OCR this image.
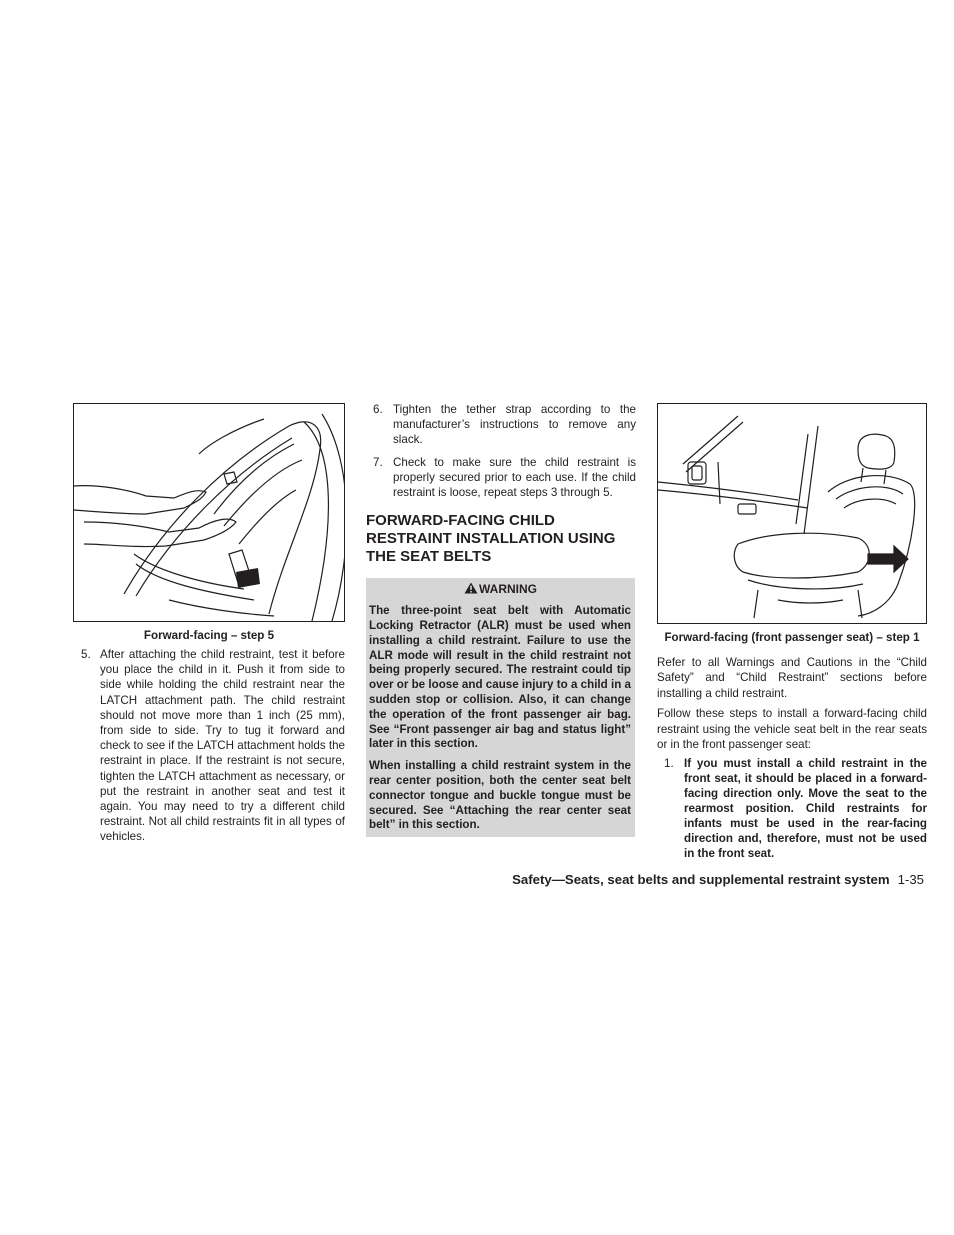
Forward-facing – step 5
5. After attaching the child restraint, test it before you place the child in it. Push it from side to side while holding the child restraint near the LATCH attachment path. The child restraint should not move more than 1 inch (25 mm), from side to side. Try to tug it forward and check to see if the LATCH attachment holds the restraint in place. If the restraint is not secure, tighten the LATCH attachment as necessary, or put the restraint in another seat and test it again. You may need to try a different child restraint. Not all child restraints fit in all types of vehicles.
6. Tighten the tether strap according to the manufacturer’s instructions to remove any slack.
7. Check to make sure the child restraint is properly secured prior to each use. If the child restraint is loose, repeat steps 3 through 5.
FORWARD-FACING CHILD RESTRAINT INSTALLATION USING THE SEAT BELTS
WARNING

The three-point seat belt with Automatic Locking Retractor (ALR) must be used when installing a child restraint. Failure to use the ALR mode will result in the child restraint not being properly secured. The restraint could tip over or be loose and cause injury to a child in a sudden stop or collision. Also, it can change the operation of the front passenger air bag. See “Front passenger air bag and status light” later in this section.

When installing a child restraint system in the rear center position, both the center seat belt connector tongue and buckle tongue must be secured. See “Attaching the rear center seat belt” in this section.

Forward-facing (front passenger seat) – step 1

Refer to all Warnings and Cautions in the “Child Safety” and “Child Restraint” sections before installing a child restraint.

Follow these steps to install a forward-facing child restraint using the vehicle seat belt in the rear seats or in the front passenger seat:

1. If you must install a child restraint in the front seat, it should be placed in a forward-facing direction only. Move the seat to the rearmost position. Child restraints for infants must be used in the rear-facing direction and, therefore, must not be used in the front seat.
Safety—Seats, seat belts and supplemental restraint system 1-35
